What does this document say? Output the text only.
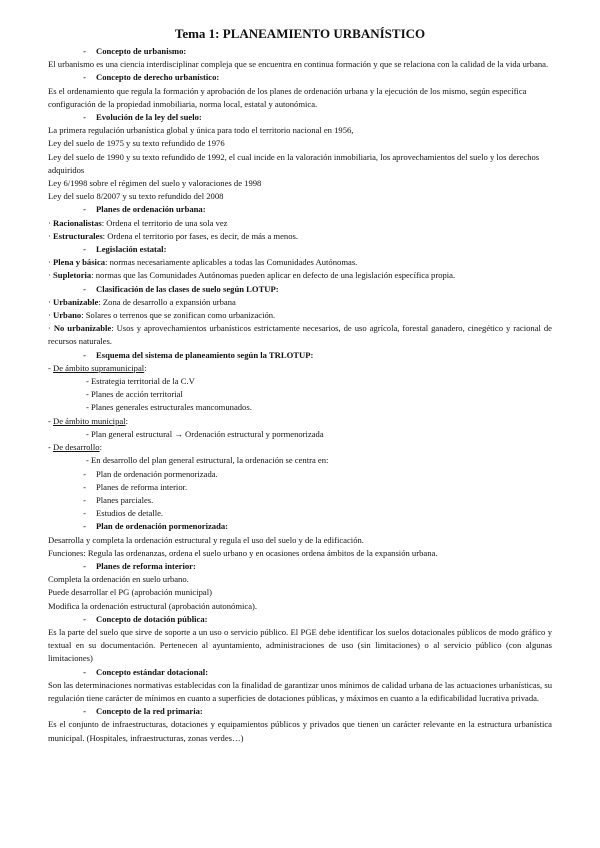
Tema 1: PLANEAMIENTO URBANÍSTICO
-
Concepto de urbanismo:
El urbanismo es una ciencia interdisciplinar compleja que se encuentra en continua formación y que se relaciona con la calidad de la vida urbana.
-
Concepto de derecho urbanístico:
Es el ordenamiento que regula la formación y aprobación de los planes de ordenación urbana y la ejecución de los mismo, según específica configuración de la propiedad inmobiliaria, norma local, estatal y autonómica.
-
Evolución de la ley del suelo:
La primera regulación urbanística global y única para todo el territorio nacional en 1956,
Ley del suelo de 1975 y su texto refundido de 1976
Ley del suelo de 1990 y su texto refundido de 1992, el cual incide en la valoración inmobiliaria, los aprovechamientos del suelo y los derechos adquiridos
Ley 6/1998 sobre el régimen del suelo y valoraciones de 1998
Ley del suelo 8/2007 y su texto refundido del 2008
-
Planes de ordenación urbana:
· Racionalistas: Ordena el territorio de una sola vez
· Estructurales: Ordena el territorio por fases, es decir, de más a menos.
-
Legislación estatal:
· Plena y básica: normas necesariamente aplicables a todas las Comunidades Autónomas.
· Supletoria: normas que las Comunidades Autónomas pueden aplicar en defecto de una legislación específica propia.
-
Clasificación de las clases de suelo según LOTUP:
· Urbanizable: Zona de desarrollo a expansión urbana
· Urbano: Solares o terrenos que se zonifican como urbanización.
· No urbanizable: Usos y aprovechamientos urbanísticos estrictamente necesarios, de uso agrícola, forestal ganadero, cinegético y racional de recursos naturales.
-
Esquema del sistema de planeamiento según la TRLOTUP:
- De ámbito supramunicipal:
- Estrategia territorial de la C.V
- Planes de acción territorial
- Planes generales estructurales mancomunados.
- De ámbito municipal:
- Plan general estructural → Ordenación estructural y pormenorizada
- De desarrollo:
- En desarrollo del plan general estructural, la ordenación se centra en:
-
Plan de ordenación pormenorizada.
-
Planes de reforma interior.
-
Planes parciales.
-
Estudios de detalle.
-
Plan de ordenación pormenorizada:
Desarrolla y completa la ordenación estructural y regula el uso del suelo y de la edificación.
Funciones: Regula las ordenanzas, ordena el suelo urbano y en ocasiones ordena ámbitos de la expansión urbana.
-
Planes de reforma interior:
Completa la ordenación en suelo urbano.
Puede desarrollar el PG (aprobación municipal)
Modifica la ordenación estructural (aprobación autonómica).
-
Concepto de dotación pública:
Es la parte del suelo que sirve de soporte a un uso o servicio público. El PGE debe identificar los suelos dotacionales públicos de modo gráfico y textual en su documentación. Pertenecen al ayuntamiento, administraciones de uso (sin limitaciones) o al servicio público (con algunas limitaciones)
-
Concepto estándar dotacional:
Son las determinaciones normativas establecidas con la finalidad de garantizar unos mínimos de calidad urbana de las actuaciones urbanísticas, su regulación tiene carácter de mínimos en cuanto a superficies de dotaciones públicas, y máximos en cuanto a la edificabilidad lucrativa privada.
-
Concepto de la red primaria:
Es el conjunto de infraestructuras, dotaciones y equipamientos públicos y privados que tienen un carácter relevante en la estructura urbanística municipal. (Hospitales, infraestructuras, zonas verdes…)
